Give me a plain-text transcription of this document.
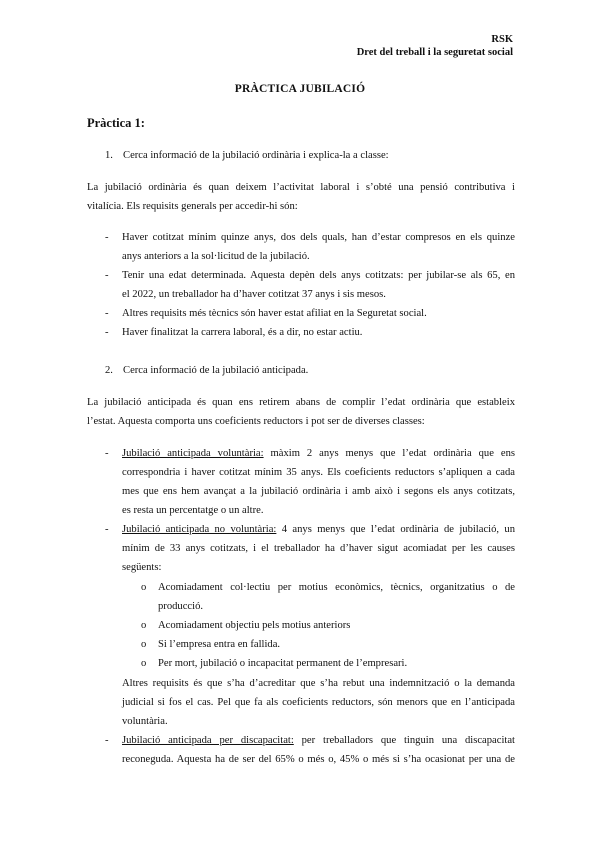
RSK
Dret del treball i la seguretat social
PRÀCTICA JUBILACIÓ
Pràctica 1:
1. Cerca informació de la jubilació ordinària i explica-la a classe:
La jubilació ordinària és quan deixem l’activitat laboral i s’obté una pensió contributiva i
vitalícia. Els requisits generals per accedir-hi són:
- Haver cotitzat mínim quinze anys, dos dels quals, han d’estar compresos en els quinze
anys anteriors a la sol·licitud de la jubilació.
- Tenir una edat determinada. Aquesta depèn dels anys cotitzats: per jubilar-se als 65, en
el 2022, un treballador ha d’haver cotitzat 37 anys i sis mesos.
- Altres requisits més tècnics són haver estat afiliat en la Seguretat social.
- Haver finalitzat la carrera laboral, és a dir, no estar actiu.
2. Cerca informació de la jubilació anticipada.
La jubilació anticipada és quan ens retirem abans de complir l’edat ordinària que estableix
l’estat. Aquesta comporta uns coeficients reductors i pot ser de diverses classes:
- Jubilació anticipada voluntària: màxim 2 anys menys que l’edat ordinària que ens
correspondria i haver cotitzat mínim 35 anys. Els coeficients reductors s’apliquen a cada
mes que ens hem avançat a la jubilació ordinària i amb això i segons els anys cotitzats,
es resta un percentatge o un altre.
- Jubilació anticipada no voluntària: 4 anys menys que l’edat ordinària de jubilació, un
mínim de 33 anys cotitzats, i el treballador ha d’haver sigut acomiadat per les causes
següents:
o Acomiadament col·lectiu per motius econòmics, tècnics, organitzatius o de
producció.
o Acomiadament objectiu pels motius anteriors
o Si l’empresa entra en fallida.
o Per mort, jubilació o incapacitat permanent de l’empresari.
Altres requisits és que s’ha d’acreditar que s’ha rebut una indemnització o la demanda
judicial si fos el cas. Pel que fa als coeficients reductors, són menors que en l’anticipada
voluntària.
- Jubilació anticipada per discapacitat: per treballadors que tinguin una discapacitat
reconeguda. Aquesta ha de ser del 65% o més o, 45% o més si s’ha ocasionat per una de
